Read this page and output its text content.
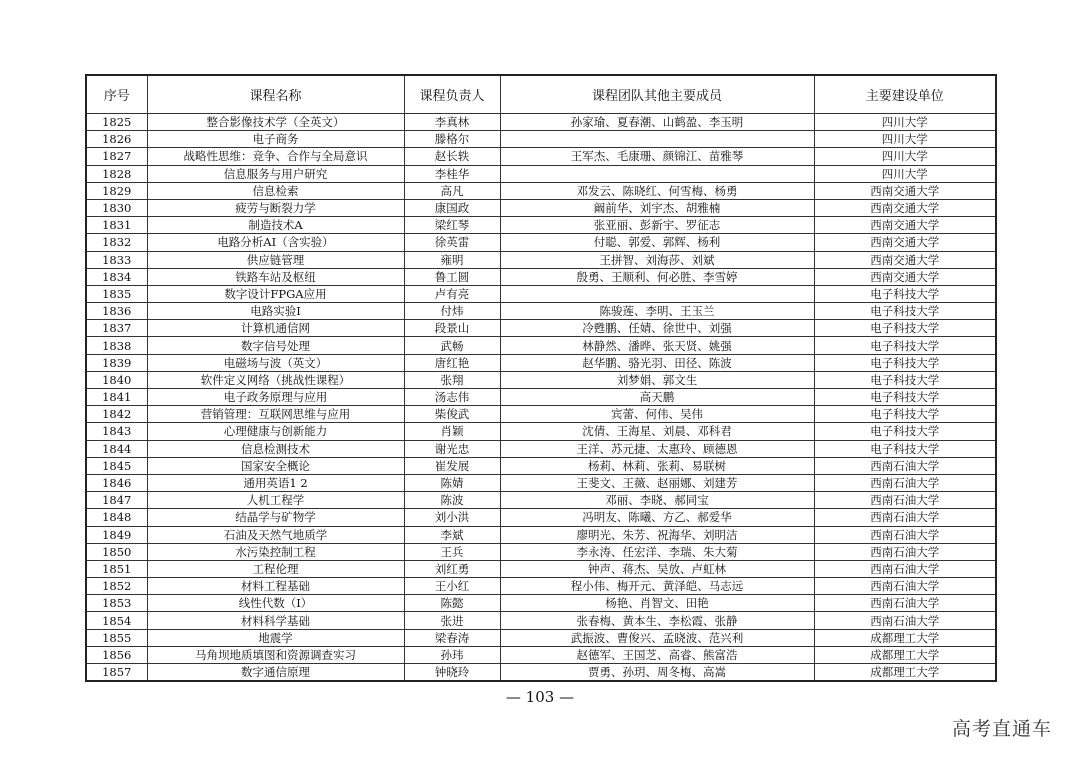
序号	课程名称	课程负责人	课程团队其他主要成员	主要建设单位
1825	整合影像技术学（全英文）	李真林	孙家瑜、夏春潮、山鹤盈、李玉明	四川大学
1826	电子商务	滕格尔		四川大学
1827	战略性思维：竞争、合作与全局意识	赵长轶	王军杰、毛康珊、颜锦江、苗雅琴	四川大学
1828	信息服务与用户研究	李桂华		四川大学
1829	信息检索	高凡	邓发云、陈晓红、何雪梅、杨勇	西南交通大学
1830	疲劳与断裂力学	康国政	阚前华、刘宇杰、胡雅楠	西南交通大学
1831	制造技术A	梁红琴	张亚丽、彭新宇、罗征志	西南交通大学
1832	电路分析AI（含实验）	徐英雷	付聪、郭爱、郭辉、杨利	西南交通大学
1833	供应链管理	雍明	王拼智、刘海莎、刘斌	西南交通大学
1834	铁路车站及枢纽	鲁工圆	殷勇、王顺利、何必胜、李雪婷	西南交通大学
1835	数字设计FPGA应用	卢有亮		电子科技大学
1836	电路实验I	付炜	陈骏莲、李明、王玉兰	电子科技大学
1837	计算机通信网	段景山	冷甦鹏、任婧、徐世中、刘强	电子科技大学
1838	数字信号处理	武畅	林静然、潘晔、张天贤、姚强	电子科技大学
1839	电磁场与波（英文）	唐红艳	赵华鹏、骆光羽、田径、陈波	电子科技大学
1840	软件定义网络（挑战性课程）	张翔	刘梦娟、郭文生	电子科技大学
1841	电子政务原理与应用	汤志伟	高天鹏	电子科技大学
1842	营销管理：互联网思维与应用	柴俊武	宾蕾、何伟、吴伟	电子科技大学
1843	心理健康与创新能力	肖颖	沈倩、王海星、刘晨、邓科君	电子科技大学
1844	信息检测技术	谢光忠	王洋、苏元捷、太惠玲、顾德恩	电子科技大学
1845	国家安全概论	崔发展	杨莉、林莉、张莉、易联树	西南石油大学
1846	通用英语1 2	陈婧	王斐文、王薇、赵丽娜、刘建芳	西南石油大学
1847	人机工程学	陈波	邓丽、李晓、郝同宝	西南石油大学
1848	结晶学与矿物学	刘小洪	冯明友、陈曦、方乙、郝爱华	西南石油大学
1849	石油及天然气地质学	李斌	廖明光、朱芳、祝海华、刘明洁	西南石油大学
1850	水污染控制工程	王兵	李永涛、任宏洋、李瑞、朱大菊	西南石油大学
1851	工程伦理	刘红勇	钟声、蒋杰、吴放、卢虹林	西南石油大学
1852	材料工程基础	王小红	程小伟、梅开元、黄泽皑、马志远	西南石油大学
1853	线性代数（I）	陈懿	杨艳、肖智文、田艳	西南石油大学
1854	材料科学基础	张进	张春梅、黄本生、李松霞、张静	西南石油大学
1855	地震学	梁春涛	武振波、曹俊兴、孟晓波、范兴利	成都理工大学
1856	马角坝地质填图和资源调查实习	孙玮	赵德军、王国芝、高睿、熊富浩	成都理工大学
1857	数字通信原理	钟晓玲	贾勇、孙玥、周冬梅、高嵩	成都理工大学
— 103 —
高考直通车
